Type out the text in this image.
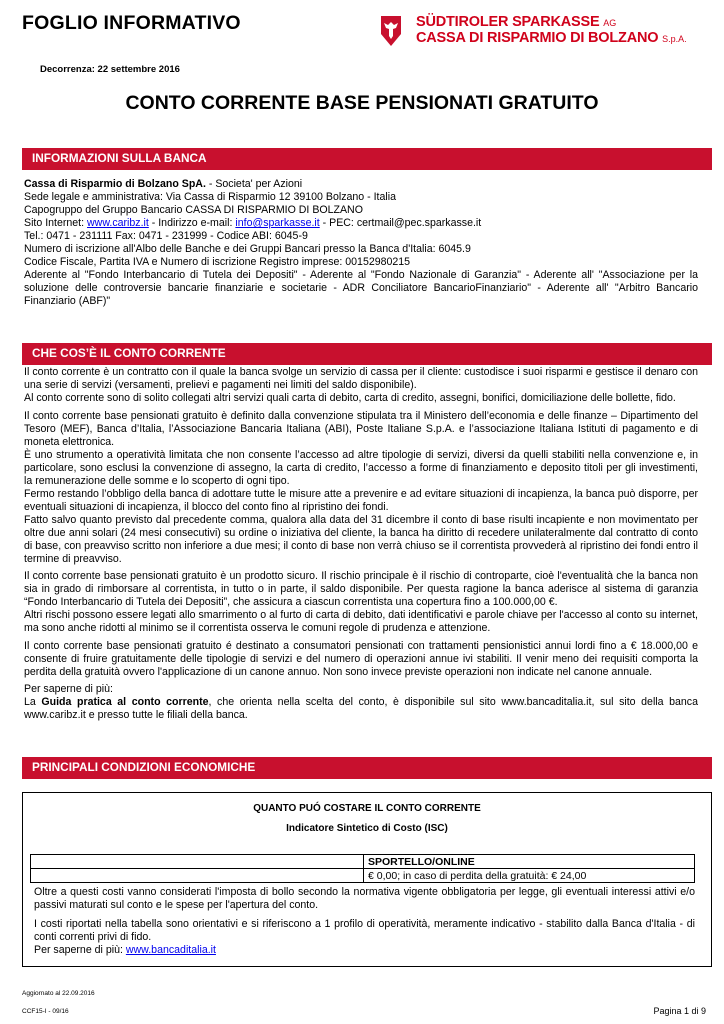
FOGLIO INFORMATIVO	SÜDTIROLER SPARKASSE AG
CASSA DI RISPARMIO DI BOLZANO S.p.A.
Decorrenza: 22 settembre 2016
CONTO CORRENTE BASE PENSIONATI GRATUITO
INFORMAZIONI SULLA BANCA
Cassa di Risparmio di Bolzano SpA. - Societa' per Azioni
Sede legale e amministrativa: Via Cassa di Risparmio 12 39100 Bolzano - Italia
Capogruppo del Gruppo Bancario CASSA DI RISPARMIO DI BOLZANO
Sito Internet: www.caribz.it - Indirizzo e-mail: info@sparkasse.it - PEC: certmail@pec.sparkasse.it
Tel.: 0471 - 231111 Fax: 0471 - 231999 - Codice ABI: 6045-9
Numero di iscrizione all'Albo delle Banche e dei Gruppi Bancari presso la Banca d'Italia: 6045.9
Codice Fiscale, Partita IVA e Numero di iscrizione Registro imprese: 00152980215
Aderente al "Fondo Interbancario di Tutela dei Depositi" - Aderente al "Fondo Nazionale di Garanzia" - Aderente all' "Associazione per la soluzione delle controversie bancarie finanziarie e societarie - ADR Conciliatore BancarioFinanziario" - Aderente all' "Arbitro Bancario Finanziario (ABF)"
CHE COS’È IL CONTO CORRENTE

Il conto corrente è un contratto con il quale la banca svolge un servizio di cassa per il cliente: custodisce i suoi risparmi e gestisce il denaro con una serie di servizi (versamenti, prelievi e pagamenti nei limiti del saldo disponibile).
Al conto corrente sono di solito collegati altri servizi quali carta di debito, carta di credito, assegni, bonifici, domiciliazione delle bollette, fido.

Il conto corrente base pensionati gratuito è definito dalla convenzione stipulata tra il Ministero dell’economia e delle finanze – Dipartimento del Tesoro (MEF), Banca d’Italia, l’Associazione Bancaria Italiana (ABI), Poste Italiane S.p.A. e l’associazione Italiana Istituti di pagamento e di moneta elettronica.
È uno strumento a operatività limitata che non consente l’accesso ad altre tipologie di servizi, diversi da quelli stabiliti nella convenzione e, in particolare, sono esclusi la convenzione di assegno, la carta di credito, l’accesso a forme di finanziamento e deposito titoli per gli investimenti, la remunerazione delle somme e lo scoperto di ogni tipo.
Fermo restando l’obbligo della banca di adottare tutte le misure atte a prevenire e ad evitare situazioni di incapienza, la banca può disporre, per eventuali situazioni di incapienza, il blocco del conto fino al ripristino dei fondi.
Fatto salvo quanto previsto dal precedente comma, qualora alla data del 31 dicembre il conto di base risulti incapiente e non movimentato per oltre due anni solari (24 mesi consecutivi) su ordine o iniziativa del cliente, la banca ha diritto di recedere unilateralmente dal contratto di conto di base, con preavviso scritto non inferiore a due mesi; il conto di base non verrà chiuso se il correntista provvederà al ripristino dei fondi entro il termine di preavviso.

Il conto corrente base pensionati gratuito è un prodotto sicuro. Il rischio principale è il rischio di controparte, cioè l'eventualità che la banca non sia in grado di rimborsare al correntista, in tutto o in parte, il saldo disponibile. Per questa ragione la banca aderisce al sistema di garanzia “Fondo Interbancario di Tutela dei Depositi”, che assicura a ciascun correntista una copertura fino a 100.000,00 €.
Altri rischi possono essere legati allo smarrimento o al furto di carta di debito, dati identificativi e parole chiave per l'accesso al conto su internet, ma sono anche ridotti al minimo se il correntista osserva le comuni regole di prudenza e attenzione.

Il conto corrente base pensionati gratuito é destinato a consumatori pensionati con trattamenti pensionistici annui lordi fino a € 18.000,00 e consente di fruire gratuitamente delle tipologie di servizi e del numero di operazioni annue ivi stabiliti. Il venir meno dei requisiti comporta la perdita della gratuità ovvero l'applicazione di un canone annuo. Non sono invece previste operazioni non indicate nel canone annuale.

Per saperne di più:
La Guida pratica al conto corrente, che orienta nella scelta del conto, è disponibile sul sito www.bancaditalia.it, sul sito della banca www.caribz.it e presso tutte le filiali della banca.

PRINCIPALI CONDIZIONI ECONOMICHE
QUANTO PUÓ COSTARE IL CONTO CORRENTE
Indicatore Sintetico di Costo (ISC)
	SPORTELLO/ONLINE
	€ 0,00; in caso di perdita della gratuità: € 24,00

Oltre a questi costi vanno considerati l'imposta di bollo secondo la normativa vigente obbligatoria per legge, gli eventuali interessi attivi e/o passivi maturati sul conto e le spese per l'apertura del conto.

I costi riportati nella tabella sono orientativi e si riferiscono a 1 profilo di operatività, meramente indicativo - stabilito dalla Banca d'Italia - di conti correnti privi di fido.
Per saperne di più: www.bancaditalia.it

Aggiornato al 22.09.2016
CCF15-I - 09/16	Pagina 1 di 9
